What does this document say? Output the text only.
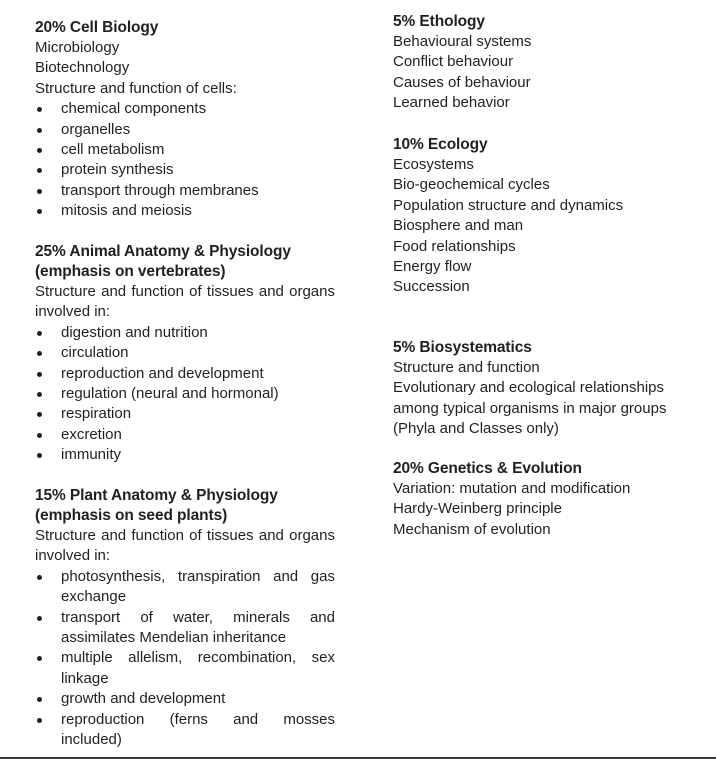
20% Cell Biology

Microbiology

Biotechnology

Structure and function of cells:

chemical components
organelles
cell metabolism
protein synthesis
transport through membranes
mitosis and meiosis
25% Animal Anatomy & Physiology
(emphasis on vertebrates)

Structure and function of tissues and organs involved in:

digestion and nutrition
circulation
reproduction and development
regulation (neural and hormonal)
respiration
excretion
immunity
15% Plant Anatomy & Physiology
(emphasis on seed plants)

Structure and function of tissues and organs involved in:

photosynthesis, transpiration and gas exchange
transport of water, minerals and assimilates Mendelian inheritance
multiple allelism, recombination, sex linkage
growth and development
reproduction (ferns and mosses included)
5% Ethology

Behavioural systems

Conflict behaviour

Causes of behaviour

Learned behavior

10% Ecology

Ecosystems

Bio-geochemical cycles

Population structure and dynamics

Biosphere and man

Food relationships

Energy flow

Succession

5% Biosystematics

Structure and function

Evolutionary and ecological relationships

among typical organisms in major groups

(Phyla and Classes only)

20% Genetics & Evolution

Variation: mutation and modification

Hardy-Weinberg principle

Mechanism of evolution
